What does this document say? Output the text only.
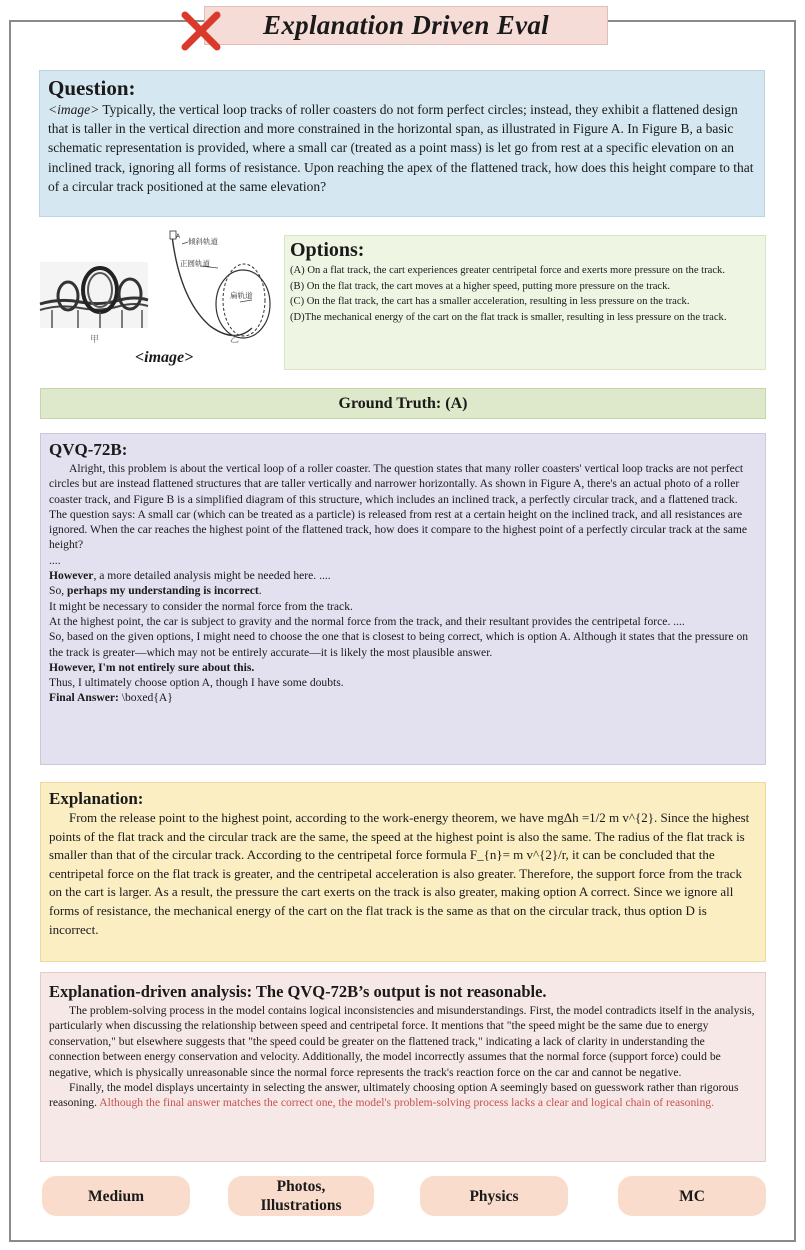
Explanation Driven Eval
Question:
<image> Typically, the vertical loop tracks of roller coasters do not form perfect circles; instead, they exhibit a flattened design that is taller in the vertical direction and more constrained in the horizontal span, as illustrated in Figure A. In Figure B, a basic schematic representation is provided, where a small car (treated as a point mass) is let go from rest at a specific elevation on an inclined track, ignoring all forms of resistance. Upon reaching the apex of the flattened track, how does this height compare to that of a circular track positioned at the same elevation?
A
倾斜轨道
正圆轨道
扁轨道
甲	乙
<image>
Options:
(A) On a flat track, the cart experiences greater centripetal force and exerts more pressure on the track.
(B) On the flat track, the cart moves at a higher speed, putting more pressure on the track.
(C) On the flat track, the cart has a smaller acceleration, resulting in less pressure on the track.
(D)The mechanical energy of the cart on the flat track is smaller, resulting in less pressure on the track.
Ground Truth: (A)
QVQ-72B:
Alright, this problem is about the vertical loop of a roller coaster. The question states that many roller coasters' vertical loop tracks are not perfect circles but are instead flattened structures that are taller vertically and narrower horizontally. As shown in Figure A, there's an actual photo of a roller coaster track, and Figure B is a simplified diagram of this structure, which includes an inclined track, a perfectly circular track, and a flattened track.
The question says: A small car (which can be treated as a particle) is released from rest at a certain height on the inclined track, and all resistances are ignored. When the car reaches the highest point of the flattened track, how does it compare to the highest point of a perfectly circular track at the same height?
....
However, a more detailed analysis might be needed here. ....
So, perhaps my understanding is incorrect.
It might be necessary to consider the normal force from the track.
At the highest point, the car is subject to gravity and the normal force from the track, and their resultant provides the centripetal force. ....
So, based on the given options, I might need to choose the one that is closest to being correct, which is option A. Although it states that the pressure on the track is greater—which may not be entirely accurate—it is likely the most plausible answer.
However, I'm not entirely sure about this.
Thus, I ultimately choose option A, though I have some doubts.
Final Answer: \boxed{A}
Explanation:
From the release point to the highest point, according to the work-energy theorem, we have mgΔh =1/2 m v^{2}. Since the highest points of the flat track and the circular track are the same, the speed at the highest point is also the same. The radius of the flat track is smaller than that of the circular track. According to the centripetal force formula F_{n}= m v^{2}/r, it can be concluded that the centripetal force on the flat track is greater, and the centripetal acceleration is also greater. Therefore, the support force from the track on the cart is larger. As a result, the pressure the cart exerts on the track is also greater, making option A correct. Since we ignore all forms of resistance, the mechanical energy of the cart on the flat track is the same as that on the circular track, thus option D is incorrect.
Explanation-driven analysis: The QVQ-72B’s output is not reasonable.
The problem-solving process in the model contains logical inconsistencies and misunderstandings. First, the model contradicts itself in the analysis, particularly when discussing the relationship between speed and centripetal force. It mentions that "the speed might be the same due to energy conservation," but elsewhere suggests that "the speed could be greater on the flattened track," indicating a lack of clarity in understanding the connection between energy conservation and velocity. Additionally, the model incorrectly assumes that the normal force (support force) could be negative, which is physically unreasonable since the normal force represents the track's reaction force on the car and cannot be negative.
Finally, the model displays uncertainty in selecting the answer, ultimately choosing option A seemingly based on guesswork rather than rigorous reasoning. Although the final answer matches the correct one, the model's problem-solving process lacks a clear and logical chain of reasoning.
Medium
Photos,
Illustrations
Physics	MC
